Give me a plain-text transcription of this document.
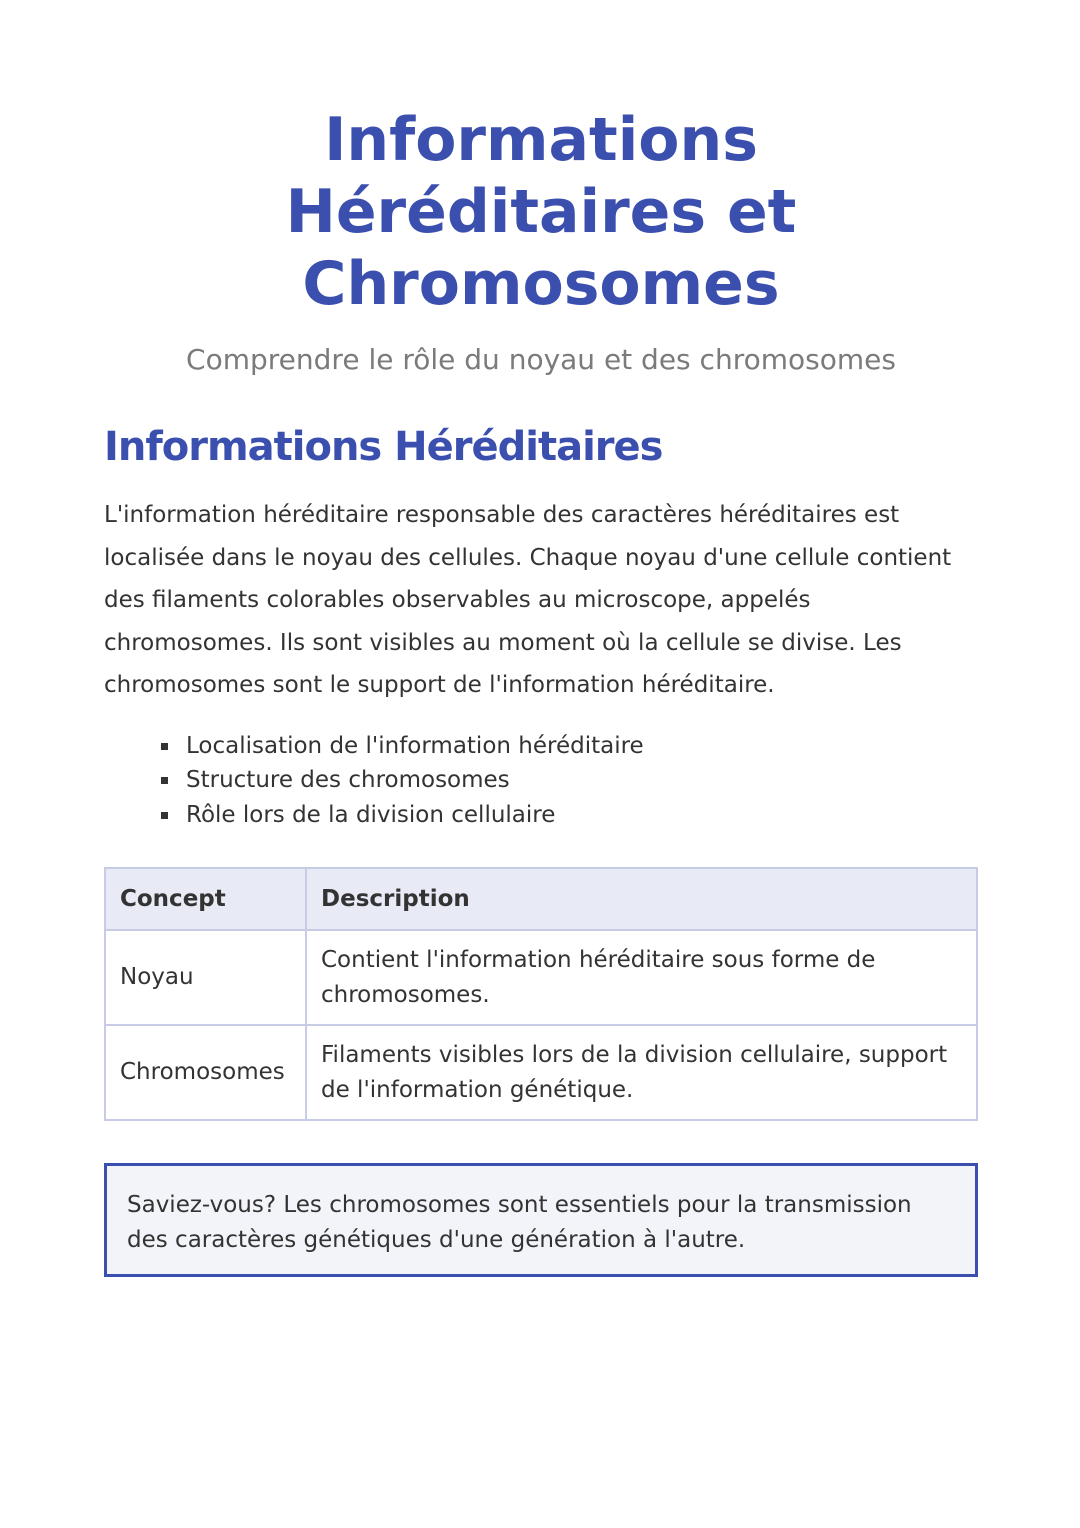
Informations Héréditaires et Chromosomes

Comprendre le rôle du noyau et des chromosomes

Informations Héréditaires

L'information héréditaire responsable des caractères héréditaires est localisée dans le noyau des cellules. Chaque noyau d'une cellule contient des filaments colorables observables au microscope, appelés chromosomes. Ils sont visibles au moment où la cellule se divise. Les chromosomes sont le support de l'information héréditaire.

Localisation de l'information héréditaire
Structure des chromosomes
Rôle lors de la division cellulaire
Concept	Description
Noyau	Contient l'information héréditaire sous forme de chromosomes.
Chromosomes	Filaments visibles lors de la division cellulaire, support de l'information génétique.
Saviez-vous? Les chromosomes sont essentiels pour la transmission des caractères génétiques d'une génération à l'autre.
